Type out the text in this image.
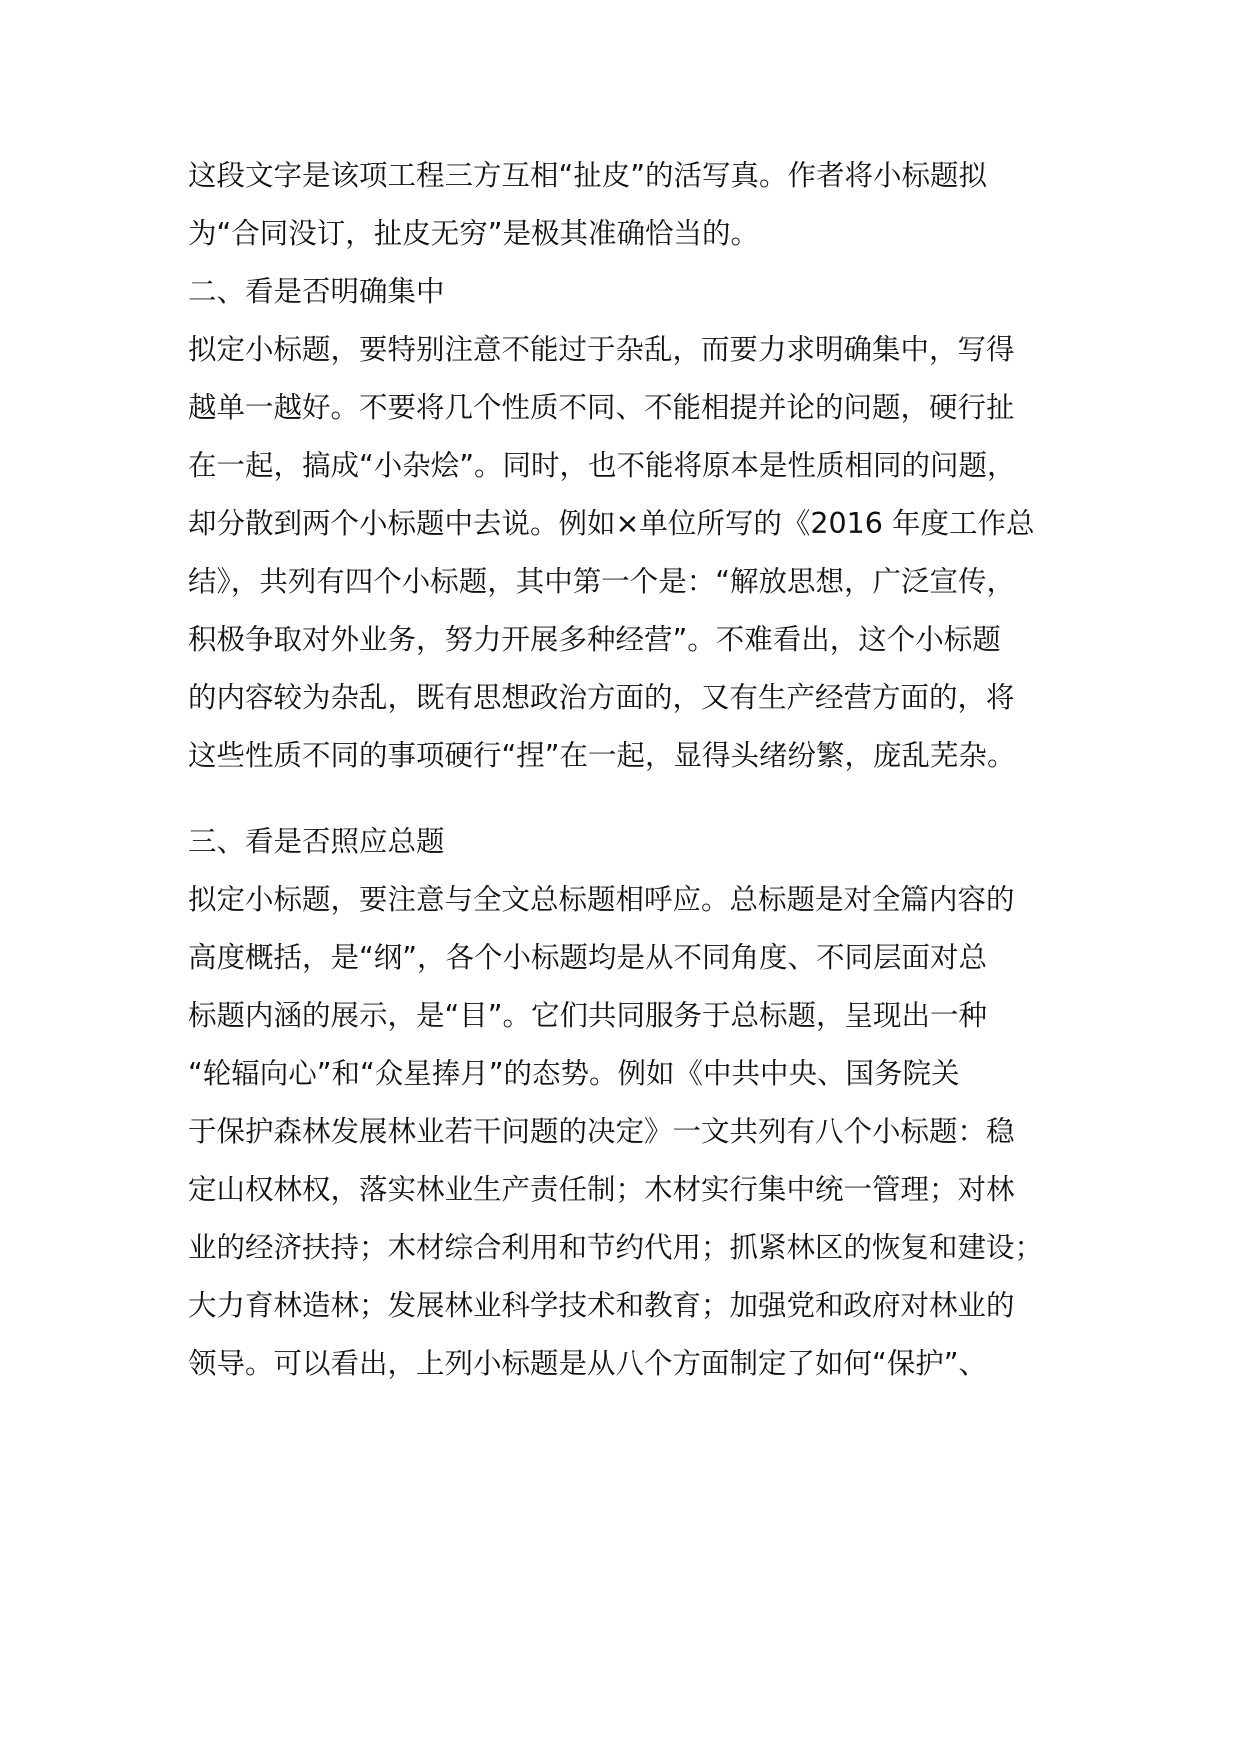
这段文字是该项工程三方互相“扯皮”的活写真。作者将小标题拟
为“合同没订，扯皮无穷”是极其准确恰当的。
二、看是否明确集中
拟定小标题，要特别注意不能过于杂乱，而要力求明确集中，写得
越单一越好。不要将几个性质不同、不能相提并论的问题，硬行扯
在一起，搞成“小杂烩”。同时，也不能将原本是性质相同的问题，
却分散到两个小标题中去说。例如×单位所写的《2016 年度工作总
结》，共列有四个小标题，其中第一个是：“解放思想，广泛宣传，
积极争取对外业务，努力开展多种经营”。不难看出，这个小标题
的内容较为杂乱，既有思想政治方面的，又有生产经营方面的，将
这些性质不同的事项硬行“捏”在一起，显得头绪纷繁，庞乱芜杂。
三、看是否照应总题
拟定小标题，要注意与全文总标题相呼应。总标题是对全篇内容的
高度概括，是“纲”，各个小标题均是从不同角度、不同层面对总
标题内涵的展示，是“目”。它们共同服务于总标题，呈现出一种
“轮辐向心”和“众星捧月”的态势。例如《中共中央、国务院关
于保护森林发展林业若干问题的决定》一文共列有八个小标题：稳
定山权林权，落实林业生产责任制；木材实行集中统一管理；对林
业的经济扶持；木材综合利用和节约代用；抓紧林区的恢复和建设；
大力育林造林；发展林业科学技术和教育；加强党和政府对林业的
领导。可以看出，上列小标题是从八个方面制定了如何“保护”、
